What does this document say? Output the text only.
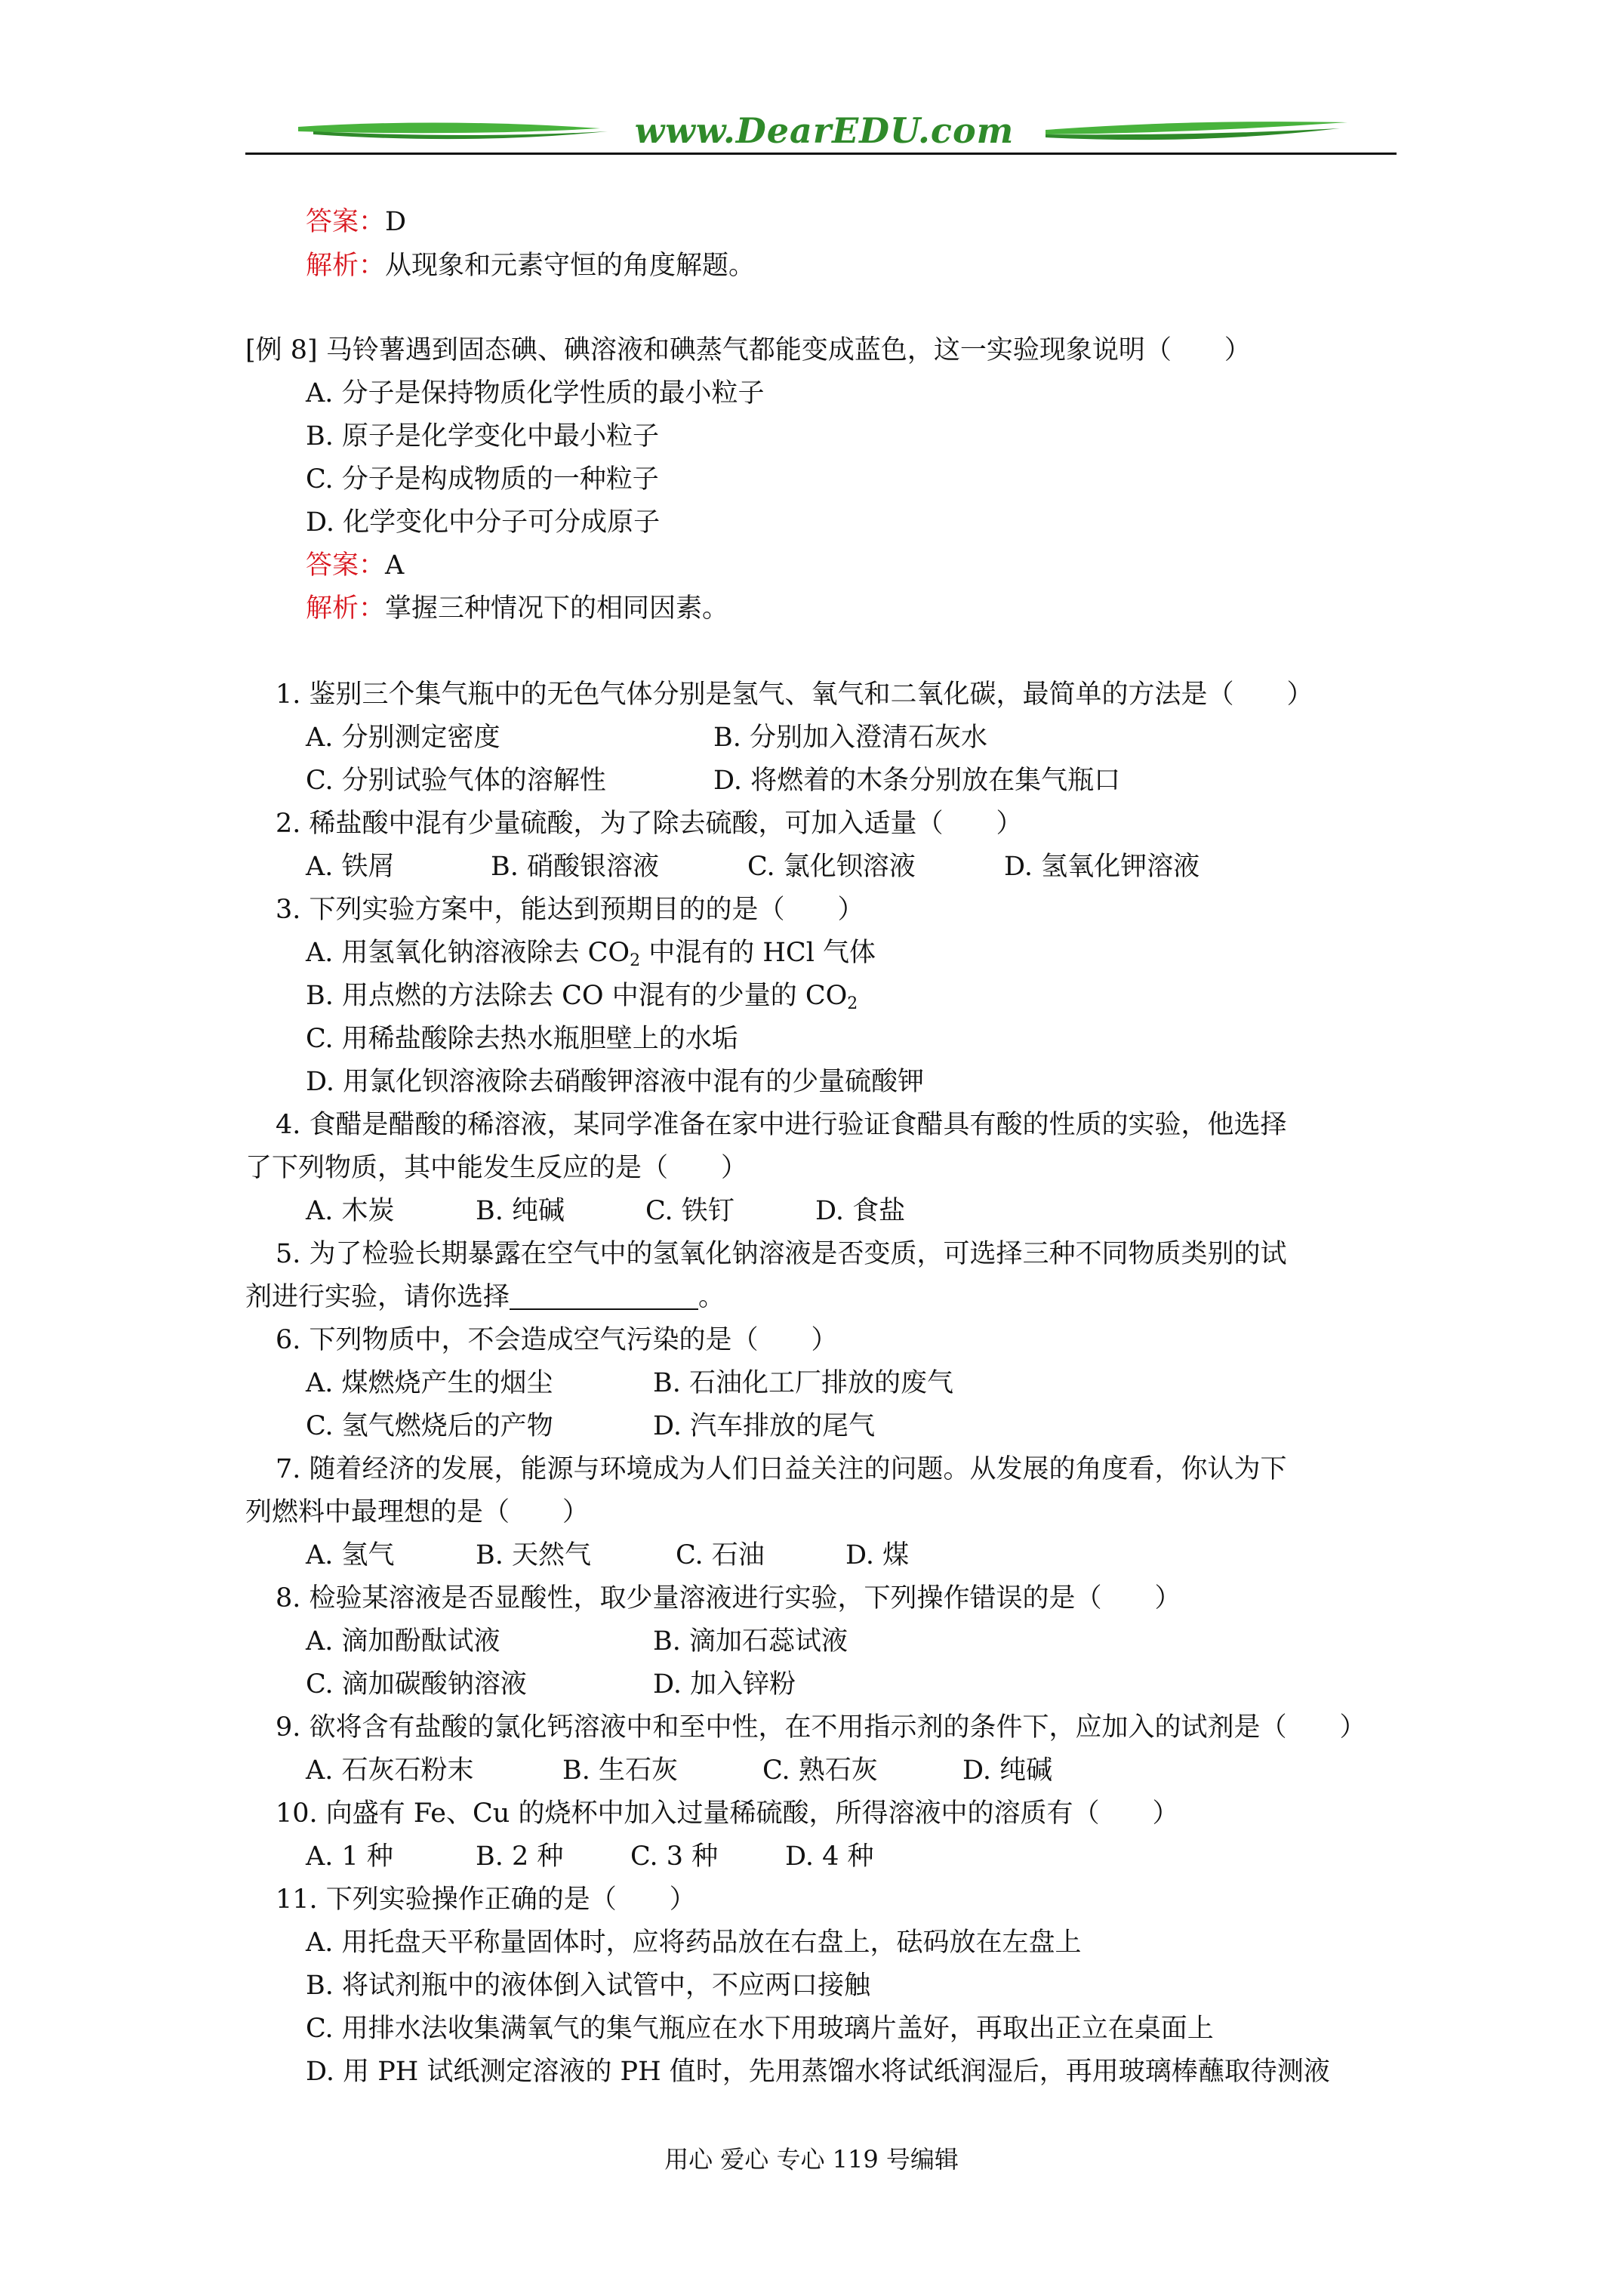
www.DearEDU.com
答案：D
解析：从现象和元素守恒的角度解题。
[例 8] 马铃薯遇到固态碘、碘溶液和碘蒸气都能变成蓝色，这一实验现象说明（　　）
A. 分子是保持物质化学性质的最小粒子
B. 原子是化学变化中最小粒子
C. 分子是构成物质的一种粒子
D. 化学变化中分子可分成原子
答案：A
解析：掌握三种情况下的相同因素。
1. 鉴别三个集气瓶中的无色气体分别是氢气、氧气和二氧化碳，最简单的方法是（　　）
A. 分别测定密度	B. 分别加入澄清石灰水
C. 分别试验气体的溶解性	D. 将燃着的木条分别放在集气瓶口
2. 稀盐酸中混有少量硫酸，为了除去硫酸，可加入适量（　　）
A. 铁屑	B. 硝酸银溶液	C. 氯化钡溶液	D. 氢氧化钾溶液
3. 下列实验方案中，能达到预期目的的是（　　）
A. 用氢氧化钠溶液除去 $CO_2$ 中混有的 HCl 气体
B. 用点燃的方法除去 CO 中混有的少量的 $CO_2$
C. 用稀盐酸除去热水瓶胆壁上的水垢
D. 用氯化钡溶液除去硝酸钾溶液中混有的少量硫酸钾
4. 食醋是醋酸的稀溶液，某同学准备在家中进行验证食醋具有酸的性质的实验，他选择
了下列物质，其中能发生反应的是（　　）
A. 木炭	B. 纯碱	C. 铁钉	D. 食盐
5. 为了检验长期暴露在空气中的氢氧化钠溶液是否变质，可选择三种不同物质类别的试
剂进行实验，请你选择	。
6. 下列物质中，不会造成空气污染的是（　　）
A. 煤燃烧产生的烟尘	B. 石油化工厂排放的废气
C. 氢气燃烧后的产物	D. 汽车排放的尾气
7. 随着经济的发展，能源与环境成为人们日益关注的问题。从发展的角度看，你认为下
列燃料中最理想的是（　　）
A. 氢气	B. 天然气	C. 石油	D. 煤
8. 检验某溶液是否显酸性，取少量溶液进行实验，下列操作错误的是（　　）
A. 滴加酚酞试液	B. 滴加石蕊试液
C. 滴加碳酸钠溶液	D. 加入锌粉
9. 欲将含有盐酸的氯化钙溶液中和至中性，在不用指示剂的条件下，应加入的试剂是（　　）
A. 石灰石粉末	B. 生石灰	C. 熟石灰	D. 纯碱
10. 向盛有 Fe、Cu 的烧杯中加入过量稀硫酸，所得溶液中的溶质有（　　）
A. 1 种	B. 2 种	C. 3 种	D. 4 种
11. 下列实验操作正确的是（　　）
A. 用托盘天平称量固体时，应将药品放在右盘上，砝码放在左盘上
B. 将试剂瓶中的液体倒入试管中，不应两口接触
C. 用排水法收集满氧气的集气瓶应在水下用玻璃片盖好，再取出正立在桌面上
D. 用 PH 试纸测定溶液的 PH 值时，先用蒸馏水将试纸润湿后，再用玻璃棒蘸取待测液
用心 爱心 专心 119 号编辑
